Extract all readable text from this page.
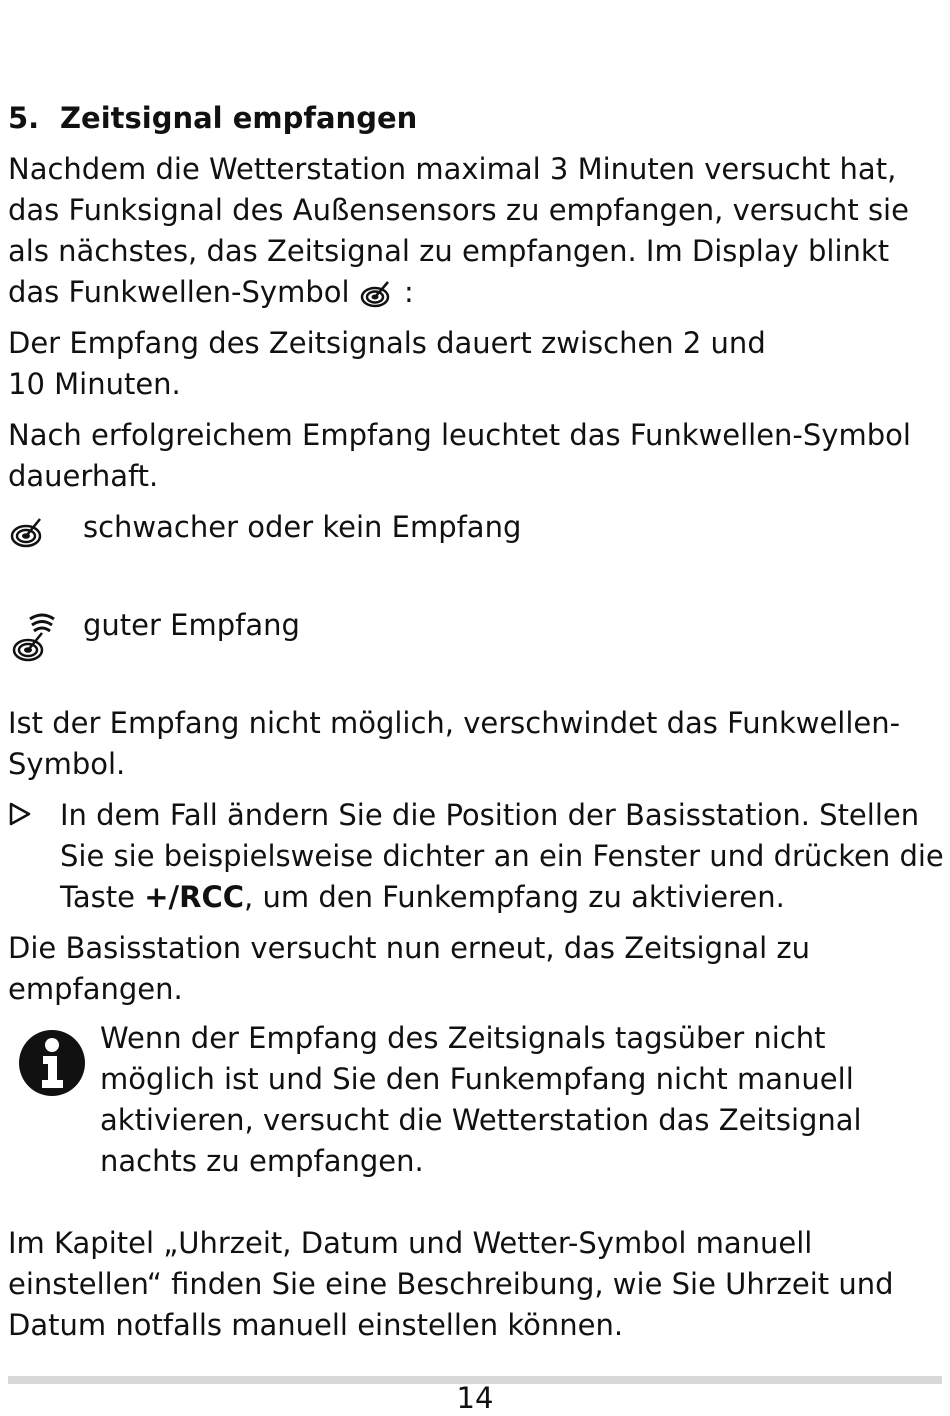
5. Zeitsignal empfangen

Nachdem die Wetterstation maximal 3 Minuten versucht hat, das Funksignal des Außensensors zu empfangen, versucht sie als nächstes, das Zeitsignal zu empfangen. Im Display blinkt das Funkwellen-Symbol :

Der Empfang des Zeitsignals dauert zwischen 2 und
10 Minuten.

Nach erfolgreichem Empfang leuchtet das Funkwellen-Symbol dauerhaft.

schwacher oder kein Empfang
guter Empfang

Ist der Empfang nicht möglich, verschwindet das Funkwellen-Symbol.

In dem Fall ändern Sie die Position der Basisstation. Stellen Sie sie beispielsweise dichter an ein Fenster und drücken die Taste +/RCC, um den Funkempfang zu aktivieren.

Die Basisstation versucht nun erneut, das Zeitsignal zu empfangen.

Wenn der Empfang des Zeitsignals tagsüber nicht möglich ist und Sie den Funkempfang nicht manuell aktivieren, versucht die Wetterstation das Zeitsignal nachts zu empfangen.

Im Kapitel „Uhrzeit, Datum und Wetter-Symbol manuell einstellen“ finden Sie eine Beschreibung, wie Sie Uhrzeit und Datum notfalls manuell einstellen können.

14
